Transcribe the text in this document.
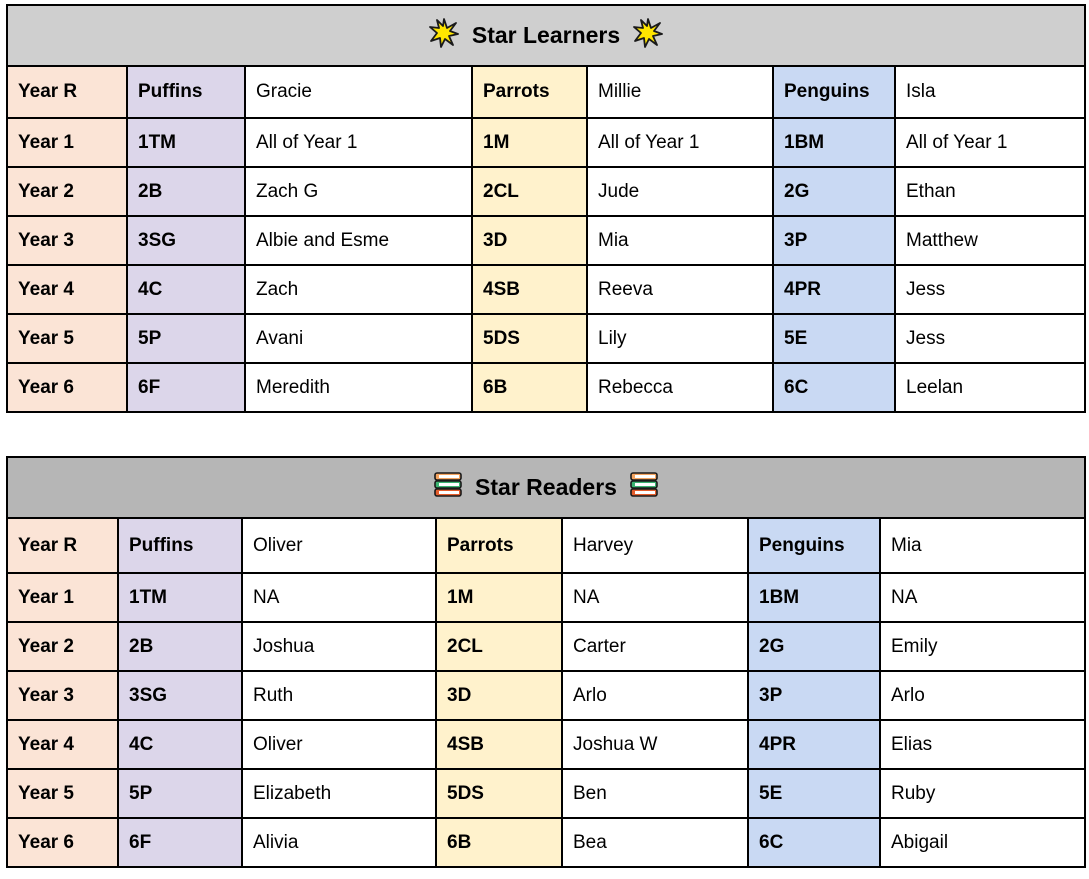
Star Learners						
Year R	Puffins	Gracie	Parrots	Millie	Penguins	Isla
Year 1	1TM	All of Year 1	1M	All of Year 1	1BM	All of Year 1
Year 2	2B	Zach G	2CL	Jude	2G	Ethan
Year 3	3SG	Albie and Esme	3D	Mia	3P	Matthew
Year 4	4C	Zach	4SB	Reeva	4PR	Jess
Year 5	5P	Avani	5DS	Lily	5E	Jess
Year 6	6F	Meredith	6B	Rebecca	6C	Leelan
Star Readers						
Year R	Puffins	Oliver	Parrots	Harvey	Penguins	Mia
Year 1	1TM	NA	1M	NA	1BM	NA
Year 2	2B	Joshua	2CL	Carter	2G	Emily
Year 3	3SG	Ruth	3D	Arlo	3P	Arlo
Year 4	4C	Oliver	4SB	Joshua W	4PR	Elias
Year 5	5P	Elizabeth	5DS	Ben	5E	Ruby
Year 6	6F	Alivia	6B	Bea	6C	Abigail
